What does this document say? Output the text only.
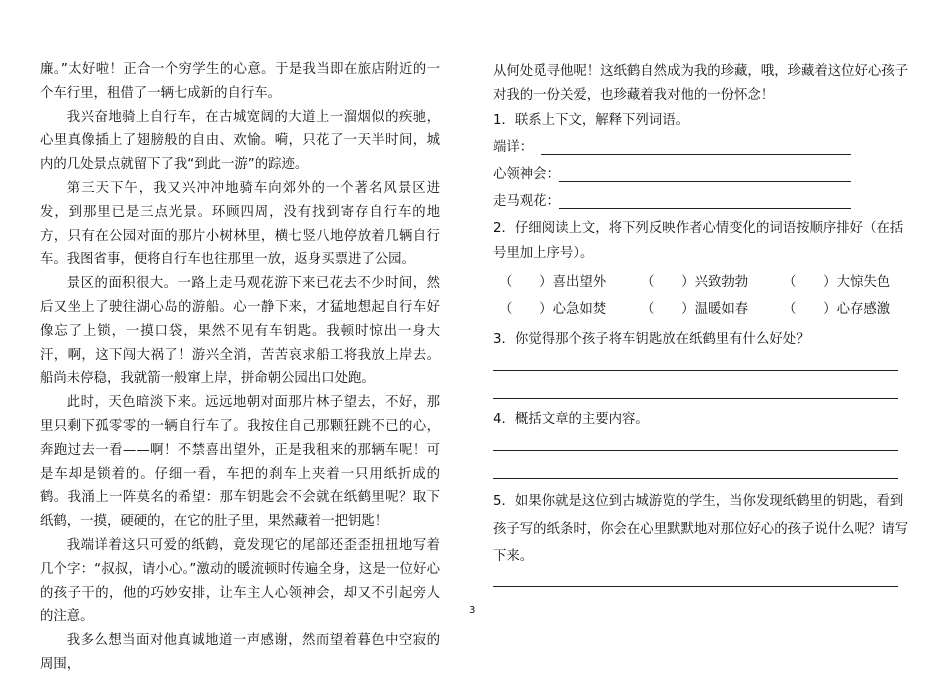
廉。”太好啦！正合一个穷学生的心意。于是我当即在旅店附近的一个车行里，租借了一辆七成新的自行车。

我兴奋地骑上自行车，在古城宽阔的大道上一溜烟似的疾驰，心里真像插上了翅膀般的自由、欢愉。嗬，只花了一天半时间，城内的几处景点就留下了我“到此一游”的踪迹。

第三天下午，我又兴冲冲地骑车向郊外的一个著名风景区进发，到那里已是三点光景。环顾四周，没有找到寄存自行车的地方，只有在公园对面的那片小树林里，横七竖八地停放着几辆自行车。我图省事，便将自行车也往那里一放，返身买票进了公园。

景区的面积很大。一路上走马观花游下来已花去不少时间，然后又坐上了驶往湖心岛的游船。心一静下来，才猛地想起自行车好像忘了上锁，一摸口袋，果然不见有车钥匙。我顿时惊出一身大汗，啊，这下闯大祸了！游兴全消，苦苦哀求船工将我放上岸去。船尚未停稳，我就箭一般窜上岸，拼命朝公园出口处跑。

此时，天色暗淡下来。远远地朝对面那片林子望去，不好，那里只剩下孤零零的一辆自行车了。我按住自己那颗狂跳不已的心，奔跑过去一看——啊！不禁喜出望外，正是我租来的那辆车呢！可是车却是锁着的。仔细一看，车把的刹车上夹着一只用纸折成的鹤。我涌上一阵莫名的希望：那车钥匙会不会就在纸鹤里呢？取下纸鹤，一摸，硬硬的，在它的肚子里，果然藏着一把钥匙！

我端详着这只可爱的纸鹤，竟发现它的尾部还歪歪扭扭地写着几个字：“叔叔，请小心。”激动的暖流顿时传遍全身，这是一位好心的孩子干的，他的巧妙安排，让车主人心领神会，却又不引起旁人的注意。

我多么想当面对他真诚地道一声感谢，然而望着暮色中空寂的周围，

从何处觅寻他呢！这纸鹤自然成为我的珍藏，哦，珍藏着这位好心孩子
对我的一份关爱，也珍藏着我对他的一份怀念！
1．联系上下文，解释下列词语。
端详：
心领神会：
走马观花：
2．仔细阅读上文，将下列反映作者心情变化的词语按顺序排好（在括
号里加上序号）。
（　　）喜出望外	（　　）兴致勃勃	（　　）大惊失色
（　　）心急如焚	（　　）温暖如春	（　　）心存感激
3．你觉得那个孩子将车钥匙放在纸鹤里有什么好处？
4．概括文章的主要内容。
5．如果你就是这位到古城游览的学生，当你发现纸鹤里的钥匙，看到
孩子写的纸条时，你会在心里默默地对那位好心的孩子说什么呢？请写
下来。
3
